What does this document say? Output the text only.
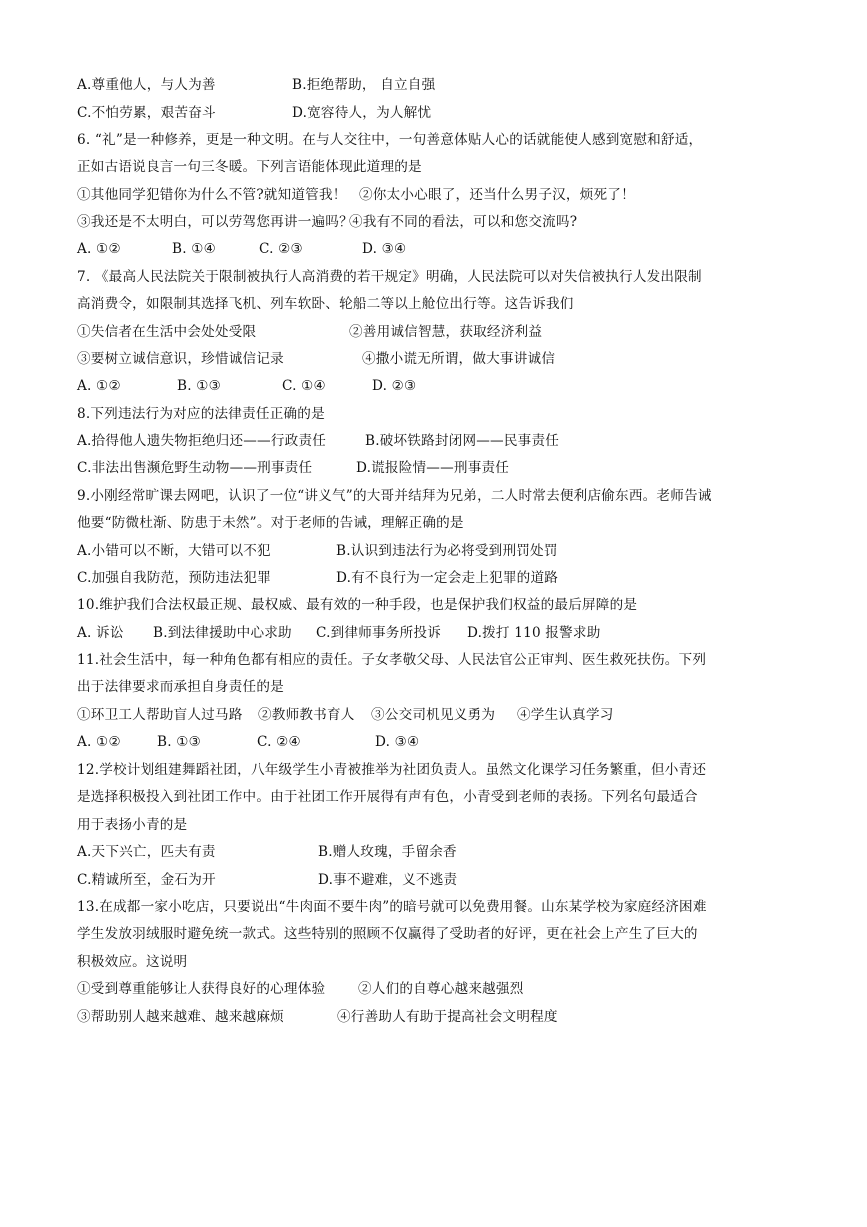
A.尊重他人，与人为善	B.拒绝帮助， 自立自强
C.不怕劳累，艰苦奋斗	D.宽容待人，为人解忧
6. “礼”是一种修养，更是一种文明。在与人交往中，一句善意体贴人心的话就能使人感到宽慰和舒适，
正如古语说良言一句三冬暖。下列言语能体现此道理的是
①其他同学犯错你为什么不管?就知道管我！ ②你太小心眼了，还当什么男子汉，烦死了！
③我还是不太明白，可以劳驾您再讲一遍吗？
④我有不同的看法，可以和您交流吗?
A. ①②	B. ①④	C. ②③	D. ③④
7. 《最高人民法院关于限制被执行人高消费的若干规定》明确，人民法院可以对失信被执行人发出限制
高消费令，如限制其选择飞机、列车软卧、轮船二等以上舱位出行等。这告诉我们
①失信者在生活中会处处受限	②善用诚信智慧，获取经济利益
③要树立诚信意识，珍惜诚信记录	④撒小谎无所谓，做大事讲诚信
A. ①②	B. ①③	C. ①④	D. ②③
8.下列违法行为对应的法律责任正确的是
A.拾得他人遗失物拒绝归还——行政责任	B.破坏铁路封闭网——民事责任
C.非法出售濒危野生动物——刑事责任	D.谎报险情——刑事责任
9.小刚经常旷课去网吧，认识了一位“讲义气”的大哥并结拜为兄弟，二人时常去便利店偷东西。老师告诫
他要“防微杜渐、防患于未然”。对于老师的告诫，理解正确的是
A.小错可以不断，大错可以不犯	B.认识到违法行为必将受到刑罚处罚
C.加强自我防范，预防违法犯罪	D.有不良行为一定会走上犯罪的道路
10.维护我们合法权最正规、最权威、最有效的一种手段，也是保护我们权益的最后屏障的是
A. 诉讼 B.到法律援助中心求助 C.到律师事务所投诉 D.拨打 110 报警求助
11.社会生活中，每一种角色都有相应的责任。子女孝敬父母、人民法官公正审判、医生救死扶伤。下列
出于法律要求而承担自身责任的是
①环卫工人帮助盲人过马路 ②教师教书育人 ③公交司机见义勇为 ④学生认真学习
A. ①②	B. ①③	C. ②④	D. ③④
12.学校计划组建舞蹈社团，八年级学生小青被推举为社团负责人。虽然文化课学习任务繁重，但小青还
是选择积极投入到社团工作中。由于社团工作开展得有声有色，小青受到老师的表扬。下列名句最适合
用于表扬小青的是
A.天下兴亡，匹夫有责	B.赠人玫瑰，手留余香
C.精诚所至，金石为开	D.事不避难，义不逃责
13.在成都一家小吃店，只要说出“牛肉面不要牛肉”的暗号就可以免费用餐。山东某学校为家庭经济困难
学生发放羽绒服时避免统一款式。这些特别的照顾不仅赢得了受助者的好评，更在社会上产生了巨大的
积极效应。这说明
①受到尊重能够让人获得良好的心理体验 ②人们的自尊心越来越强烈
③帮助别人越来越难、越来越麻烦	④行善助人有助于提高社会文明程度
